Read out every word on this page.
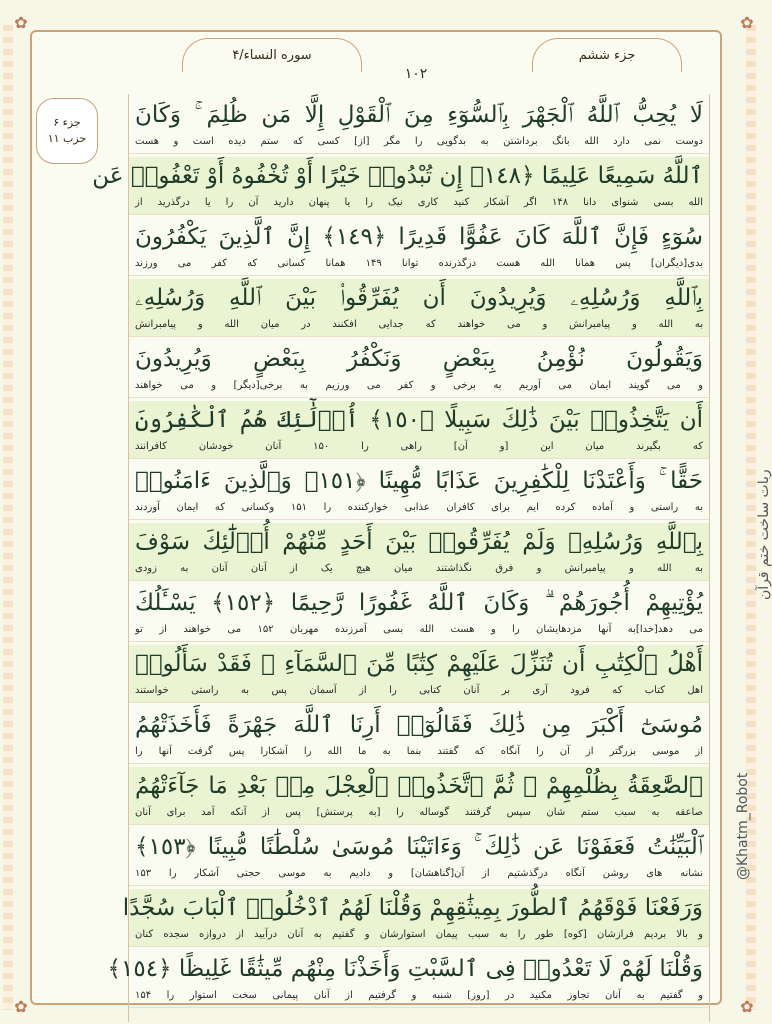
سوره النساء/۴
۱۰۲
جزء ششم
جزء ۶
حزب ۱۱
لَا يُحِبُّ ٱللَّهُ ٱلْجَهْرَ بِٱلسُّوٓءِ مِنَ ٱلْقَوْلِ إِلَّا مَن ظُلِمَ ۚ وَكَانَ
دوست نمی دارد الله بانگ برداشتن به بدگویی را مگر [از] کسی که ستم دیده است و هست
ٱللَّهُ سَمِيعًا عَلِيمًا ﴿١٤٨﴾ إِن تُبْدُوا۟ خَيْرًا أَوْ تُخْفُوهُ أَوْ تَعْفُوا۟ عَن
الله بسی شنوای دانا ۱۴۸ اگر آشکار کنید کاری نیک را یا پنهان دارید آن را یا درگذرید از
سُوٓءٍ فَإِنَّ ٱللَّهَ كَانَ عَفُوًّا قَدِيرًا ﴿١٤٩﴾ إِنَّ ٱلَّذِينَ يَكْفُرُونَ
بدی[دیگران] پس همانا الله هست درگذرنده توانا ۱۴۹ همانا کسانی که کفر می ورزند
بِٱللَّهِ وَرُسُلِهِۦ وَيُرِيدُونَ أَن يُفَرِّقُوا۟ بَيْنَ ٱللَّهِ وَرُسُلِهِۦ
به الله و پیامبرانش و می خواهند که جدایی افکنند در میان الله و پیامبرانش
وَيَقُولُونَ نُؤْمِنُ بِبَعْضٍ وَنَكْفُرُ بِبَعْضٍ وَيُرِيدُونَ
و می گویند ایمان می آوریم به برخی و کفر می ورزیم به برخی[دیگر] و می خواهند
أَن يَتَّخِذُوا۟ بَيْنَ ذَٰلِكَ سَبِيلًا ﴿١٥٠﴾ أُو۟لَٰٓئِكَ هُمُ ٱلْكَٰفِرُونَ
که بگیرند میان این [و آن] راهی را ۱۵۰ آنان خودشان کافرانند
حَقًّا ۚ وَأَعْتَدْنَا لِلْكَٰفِرِينَ عَذَابًا مُّهِينًا ﴿١٥١﴾ وَٱلَّذِينَ ءَامَنُوا۟
به راستی و آماده کرده ایم برای کافران عذابی خوارکننده را ۱۵۱ وکسانی که ایمان آوردند
بِٱللَّهِ وَرُسُلِهِۦ وَلَمْ يُفَرِّقُوا۟ بَيْنَ أَحَدٍ مِّنْهُمْ أُو۟لَٰٓئِكَ سَوْفَ
به الله و پیامبرانش و فرق نگذاشتند میان هیچ یک از آنان آنان به زودی
يُؤْتِيهِمْ أُجُورَهُمْ ۗ وَكَانَ ٱللَّهُ غَفُورًا رَّحِيمًا ﴿١٥٢﴾ يَسْـَٔلُكَ
می دهد[خدا]به آنها مزدهایشان را و هست الله بسی آمرزنده مهربان ۱۵۲ می خواهند از تو
أَهْلُ ٱلْكِتَٰبِ أَن تُنَزِّلَ عَلَيْهِمْ كِتَٰبًا مِّنَ ٱلسَّمَآءِ ۚ فَقَدْ سَأَلُوا۟
اهل کتاب که فرود آری بر آنان کتابی را از آسمان پس به راستی خواستند
مُوسَىٰٓ أَكْبَرَ مِن ذَٰلِكَ فَقَالُوٓا۟ أَرِنَا ٱللَّهَ جَهْرَةً فَأَخَذَتْهُمُ
از موسی بزرگتر از آن را آنگاه که گفتند بنما به ما الله را آشکارا پس گرفت آنها را
ٱلصَّٰعِقَةُ بِظُلْمِهِمْ ۚ ثُمَّ ٱتَّخَذُوا۟ ٱلْعِجْلَ مِنۢ بَعْدِ مَا جَآءَتْهُمُ
صاعقه به سبب ستم شان سپس گرفتند گوساله را [به پرستش] پس از آنکه آمد برای آنان
ٱلْبَيِّنَٰتُ فَعَفَوْنَا عَن ذَٰلِكَ ۚ وَءَاتَيْنَا مُوسَىٰ سُلْطَٰنًا مُّبِينًا ﴿١٥٣﴾
نشانه های روشن آنگاه درگذشتیم از آن[گناهشان] و دادیم به موسی حجتی آشکار را ۱۵۳
وَرَفَعْنَا فَوْقَهُمُ ٱلطُّورَ بِمِيثَٰقِهِمْ وَقُلْنَا لَهُمُ ٱدْخُلُوا۟ ٱلْبَابَ سُجَّدًا
و بالا بردیم فرازشان [کوه] طور را به سبب پیمان استوارشان و گفتیم به آنان درآیید از دروازه سجده کنان
وَقُلْنَا لَهُمْ لَا تَعْدُوا۟ فِى ٱلسَّبْتِ وَأَخَذْنَا مِنْهُم مِّيثَٰقًا غَلِيظًا ﴿١٥٤﴾
و گفتیم به آنان تجاوز مکنید در [روز] شنبه و گرفتیم از آنان پیمانی سخت استوار را ۱۵۴
✿	✿
✿	✿
ربات ساخت ختم قرآن
@Khatm_Robot
